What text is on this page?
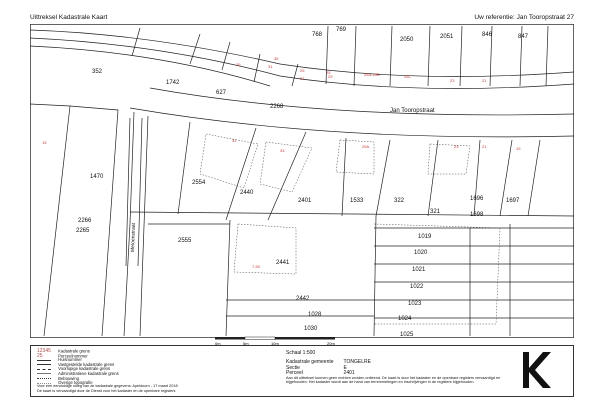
Uittreksel Kadastrale Kaart	Uw referentie: Jan Tooropstraat 27
769
2050	2051	846	847
768
352
1742
627
2268
1470
2266
2554
2440
2401	1533	322
321
1696
1698
1697
2265
2555
2441
1019
1020
1021
1022
2442
1023
1028
1024
1030
1025
Jan Tooropstraat
Meloenstraat
29	31
35
25	25
27	29
23	21
25A-25B	25C
23	21
29A	19
7-50
15	31
33
0m	5m	10m	20m
12345 Kadastrale grens
25	Perceelnummer
Huisnummer
Vastgestelde kadastrale grens
Voorlopige kadastrale grens
Administratieve kadastrale grens
Bebouwing
Overige topografie
Voor een eenduidige uitleg van de kadastrale gegevens: Apeldoorn - 17 maart 2018
De kaart is vervaardigd door de Dienst voor het kadaster en de openbare registers
Schaal 1:500
Kadastrale gemeente	TONGELRE
Sectie	E
Perceel	2401
Aan dit uittreksel kunnen geen rechten worden ontleend. De kaart is door het kadaster en de openbare registers vervaardigd en bijgehouden. Het kadaster wordt aan de hand van terreinmetingen en inschrijvingen in de registers bijgehouden.
